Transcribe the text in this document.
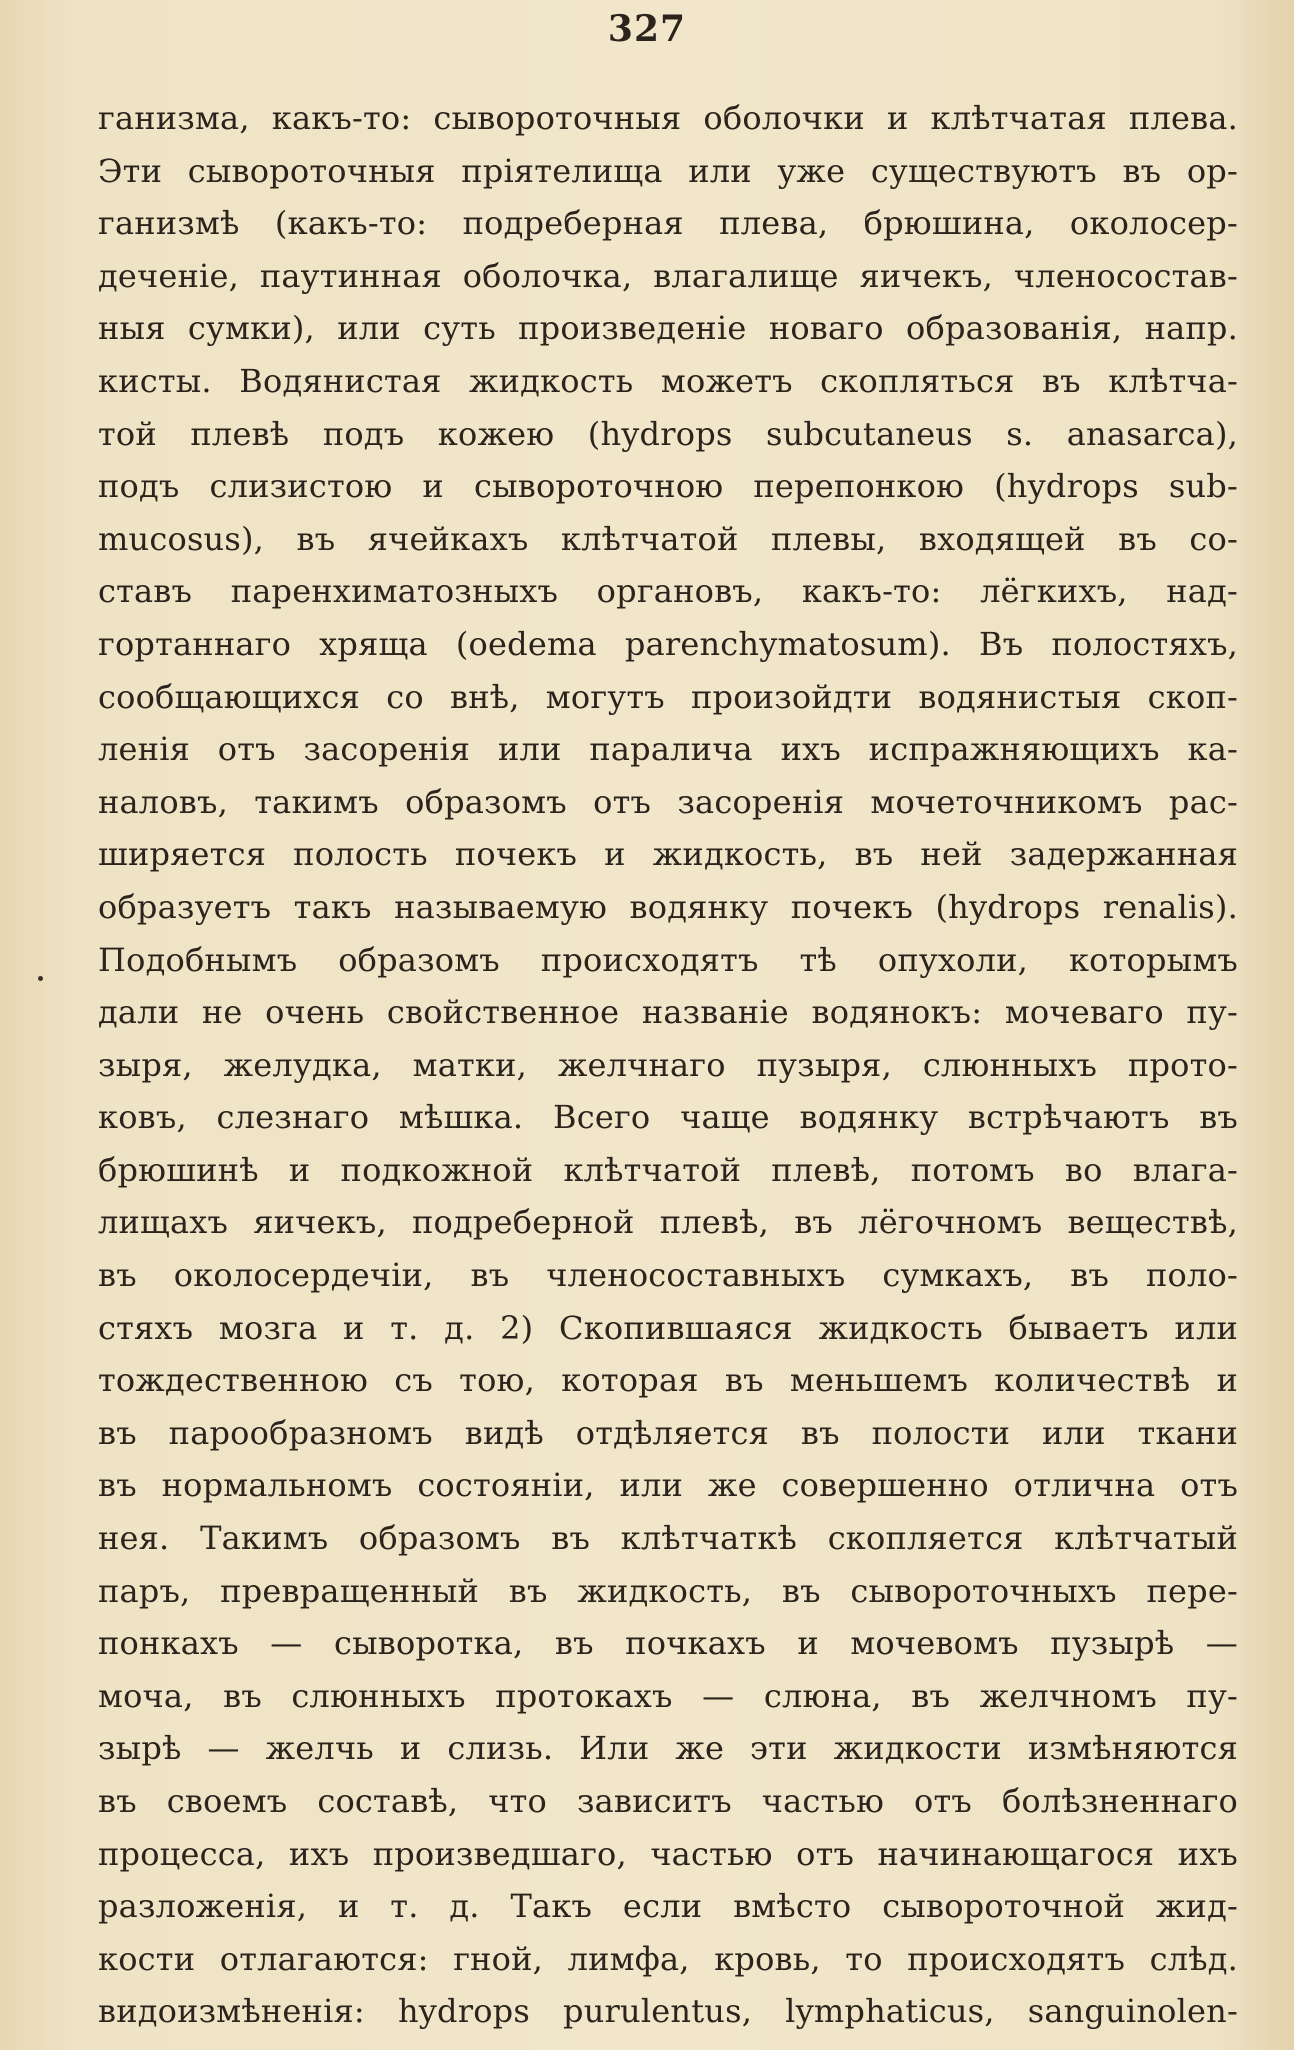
327
ганизма, какъ-то: сывороточныя оболочки и клѣтчатая плева.
Эти сывороточныя пріятелища или уже существуютъ въ ор-
ганизмѣ (какъ-то: подреберная плева, брюшина, околосер-
деченіе, паутинная оболочка, влагалище яичекъ, членосостав-
ныя сумки), или суть произведеніе новаго образованія, напр.
кисты. Водянистая жидкость можетъ скопляться въ клѣтча-
той плевѣ подъ кожею (hydrops subcutaneus s. anasarca),
подъ слизистою и сывороточною перепонкою (hydrops sub-
mucosus), въ ячейкахъ клѣтчатой плевы, входящей въ со-
ставъ паренхиматозныхъ органовъ, какъ-то: лёгкихъ, над-
гортаннаго хряща (oedema parenchymatosum). Въ полостяхъ,
сообщающихся со внѣ, могутъ произойдти водянистыя скоп-
ленія отъ засоренія или паралича ихъ испражняющихъ ка-
наловъ, такимъ образомъ отъ засоренія мочеточникомъ рас-
ширяется полость почекъ и жидкость, въ ней задержанная
образуетъ такъ называемую водянку почекъ (hydrops renalis).
Подобнымъ образомъ происходятъ тѣ опухоли, которымъ
дали не очень свойственное названіе водянокъ: мочеваго пу-
зыря, желудка, матки, желчнаго пузыря, слюнныхъ прото-
ковъ, слезнаго мѣшка. Всего чаще водянку встрѣчаютъ въ
брюшинѣ и подкожной клѣтчатой плевѣ, потомъ во влага-
лищахъ яичекъ, подреберной плевѣ, въ лёгочномъ веществѣ,
въ околосердечіи, въ членосоставныхъ сумкахъ, въ поло-
стяхъ мозга и т. д. 2) Скопившаяся жидкость бываетъ или
тождественною съ тою, которая въ меньшемъ количествѣ и
въ парообразномъ видѣ отдѣляется въ полости или ткани
въ нормальномъ состояніи, или же совершенно отлична отъ
нея. Такимъ образомъ въ клѣтчаткѣ скопляется клѣтчатый
паръ, превращенный въ жидкость, въ сывороточныхъ пере-
понкахъ — сыворотка, въ почкахъ и мочевомъ пузырѣ —
моча, въ слюнныхъ протокахъ — слюна, въ желчномъ пу-
зырѣ — желчь и слизь. Или же эти жидкости измѣняются
въ своемъ составѣ, что зависитъ частью отъ болѣзненнаго
процесса, ихъ произведшаго, частью отъ начинающагося ихъ
разложенія, и т. д. Такъ если вмѣсто сывороточной жид-
кости отлагаются: гной, лимфа, кровь, то происходятъ слѣд.
видоизмѣненія: hydrops purulentus, lymphaticus, sanguinolen-
